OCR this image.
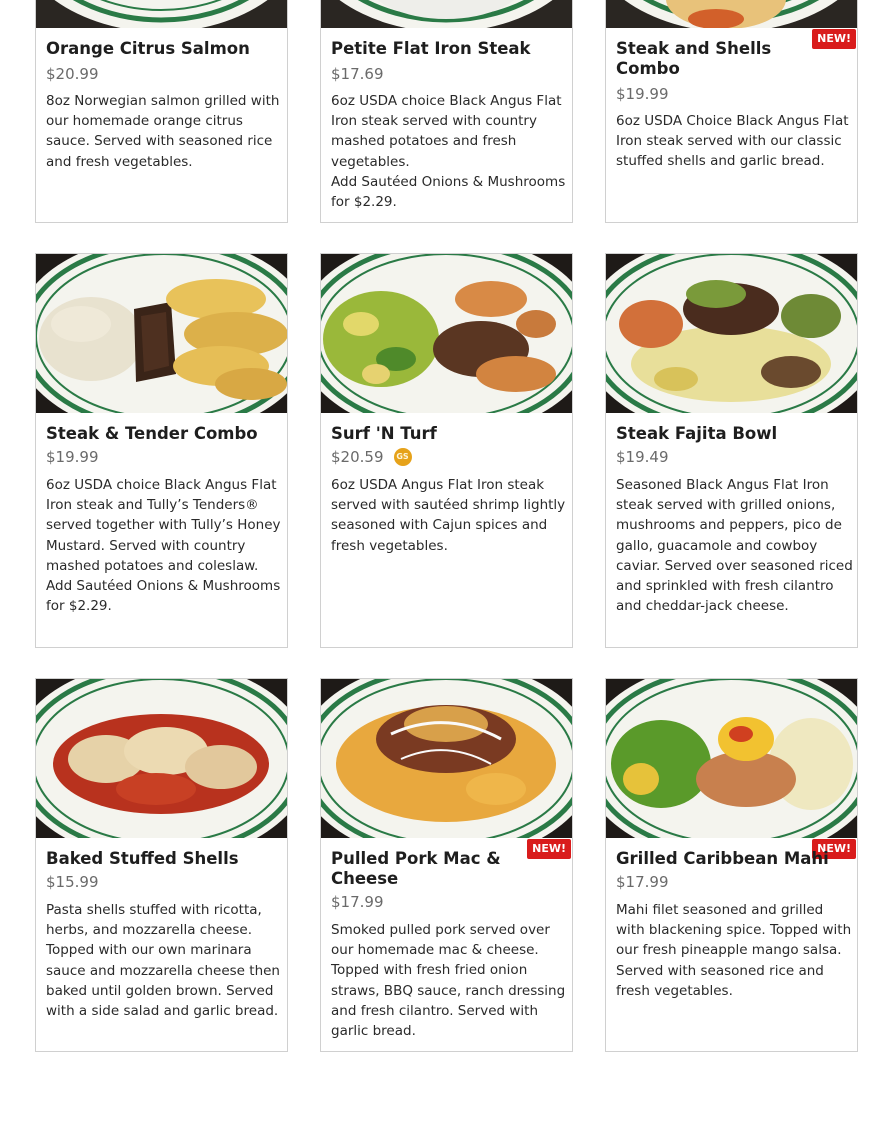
Orange Citrus Salmon
$20.99
8oz Norwegian salmon grilled with our homemade orange citrus sauce. Served with seasoned rice and fresh vegetables.
Petite Flat Iron Steak
$17.69
6oz USDA choice Black Angus Flat Iron steak served with country mashed potatoes and fresh vegetables.
Add Sautéed Onions & Mushrooms for $2.29.
NEW!
Steak and Shells Combo
$19.99
6oz USDA Choice Black Angus Flat Iron steak served with our classic stuffed shells and garlic bread.
Steak & Tender Combo
$19.99
6oz USDA choice Black Angus Flat Iron steak and Tully’s Tenders® served together with Tully’s Honey Mustard. Served with country mashed potatoes and coleslaw.
Add Sautéed Onions & Mushrooms for $2.29.
Surf 'N Turf
$20.59 GS
6oz USDA Angus Flat Iron steak served with sautéed shrimp lightly seasoned with Cajun spices and fresh vegetables.
Steak Fajita Bowl
$19.49
Seasoned Black Angus Flat Iron steak served with grilled onions, mushrooms and peppers, pico de gallo, guacamole and cowboy caviar. Served over seasoned riced and sprinkled with fresh cilantro and cheddar-jack cheese.
Baked Stuffed Shells
$15.99
Pasta shells stuffed with ricotta, herbs, and mozzarella cheese. Topped with our own marinara sauce and mozzarella cheese then baked until golden brown. Served with a side salad and garlic bread.
NEW!
Pulled Pork Mac & Cheese
$17.99
Smoked pulled pork served over our homemade mac & cheese. Topped with fresh fried onion straws, BBQ sauce, ranch dressing and fresh cilantro. Served with garlic bread.
NEW!
Grilled Caribbean Mahi
$17.99
Mahi filet seasoned and grilled with blackening spice. Topped with our fresh pineapple mango salsa. Served with seasoned rice and fresh vegetables.
